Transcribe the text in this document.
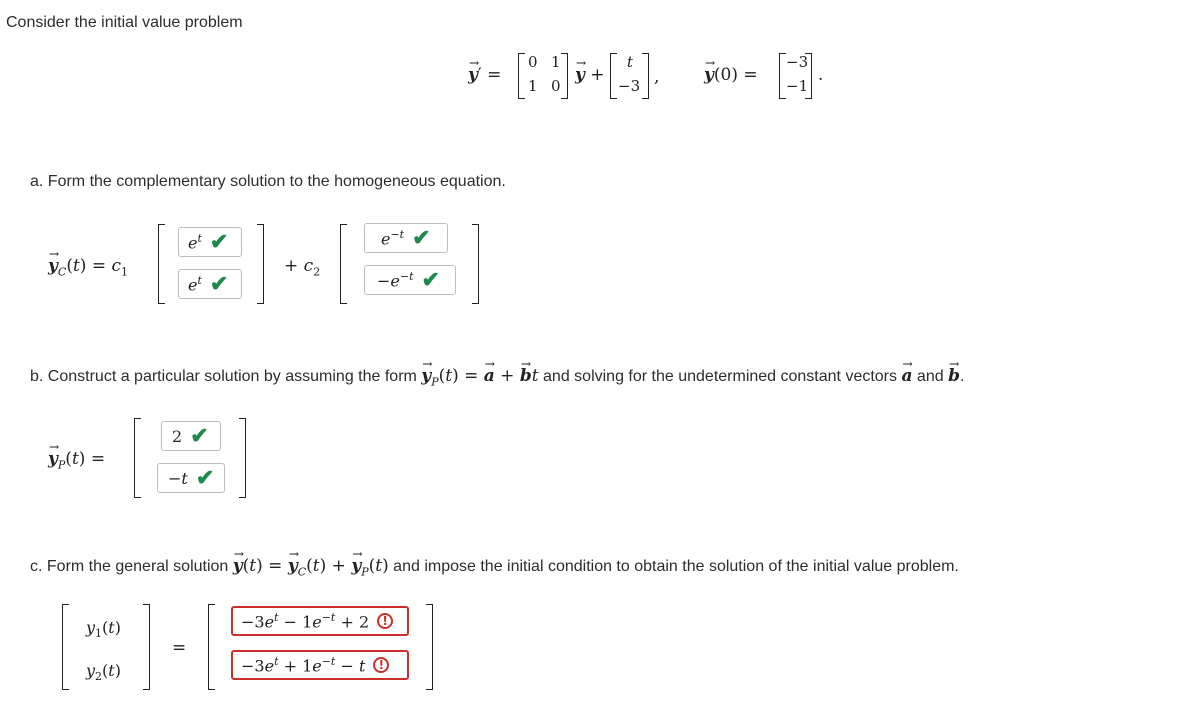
Consider the initial value problem
→ y′ =
0 1
1 0
→ y +
t
−3 ,
→	y(0) =
−3
−1
.
a. Form the complementary solution to the homogeneous equation.
→ $y_C(t) = c_1$
$e^t$ ✔
$e^t$ ✔
+ $c_2$
$e^{-t}$ ✔
$-e^{-t}$ ✔
b. Construct a particular solution by assuming the form → $y_P(t)$ = → a + → bt and solving for the undetermined constant vectors → a and → b.
→ $y_P(t)$ =
2 ✔
−t ✔
c. Form the general solution → y(t) = → $y_C(t)$ + → $y_P(t)$ and impose the initial condition to obtain the solution of the initial value problem.
$y_1(t)$
$y_2(t)$
=
$-3e^t - 1e^{-t} + 2$	!
$-3e^t + 1e^{-t} - t$	!
